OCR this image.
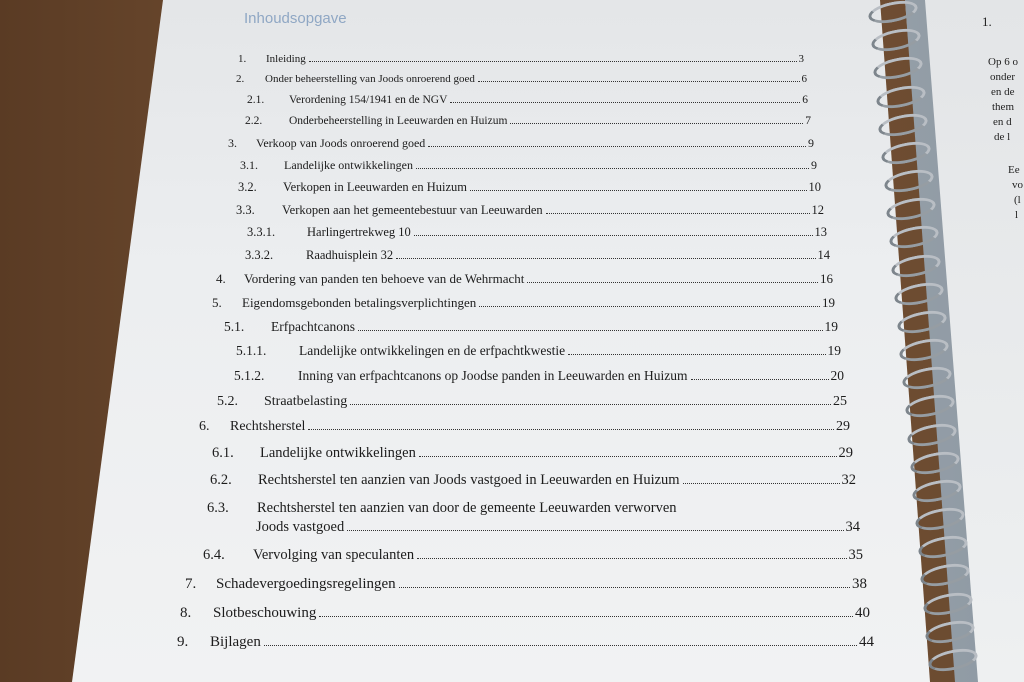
Inhoudsopgave
1.	Inleiding	3
2.	Onder beheerstelling van Joods onroerend goed	6
2.1.	Verordening 154/1941 en de NGV	6
2.2.	Onderbeheerstelling in Leeuwarden en Huizum	7
3.	Verkoop van Joods onroerend goed	9
3.1.	Landelijke ontwikkelingen	9
3.2.	Verkopen in Leeuwarden en Huizum	10
3.3.	Verkopen aan het gemeentebestuur van Leeuwarden	12
3.3.1.	Harlingertrekweg 10	13
3.3.2.	Raadhuisplein 32	14
4.	Vordering van panden ten behoeve van de Wehrmacht	16
5.	Eigendomsgebonden betalingsverplichtingen	19
5.1.	Erfpachtcanons	19
5.1.1.	Landelijke ontwikkelingen en de erfpachtkwestie	19
5.1.2.	Inning van erfpachtcanons op Joodse panden in Leeuwarden en Huizum	20
5.2.	Straatbelasting	25
6.	Rechtsherstel	29
6.1.	Landelijke ontwikkelingen	29
6.2.	Rechtsherstel ten aanzien van Joods vastgoed in Leeuwarden en Huizum	32
6.3.	Rechtsherstel ten aanzien van door de gemeente Leeuwarden verworven
Joods vastgoed	34
6.4.	Vervolging van speculanten	35
7.	Schadevergoedingsregelingen	38
8.	Slotbeschouwing	40
9.	Bijlagen	44
1.
Op 6 o
onder
en de
them
en d
de l
Ee
vo
(l
l
